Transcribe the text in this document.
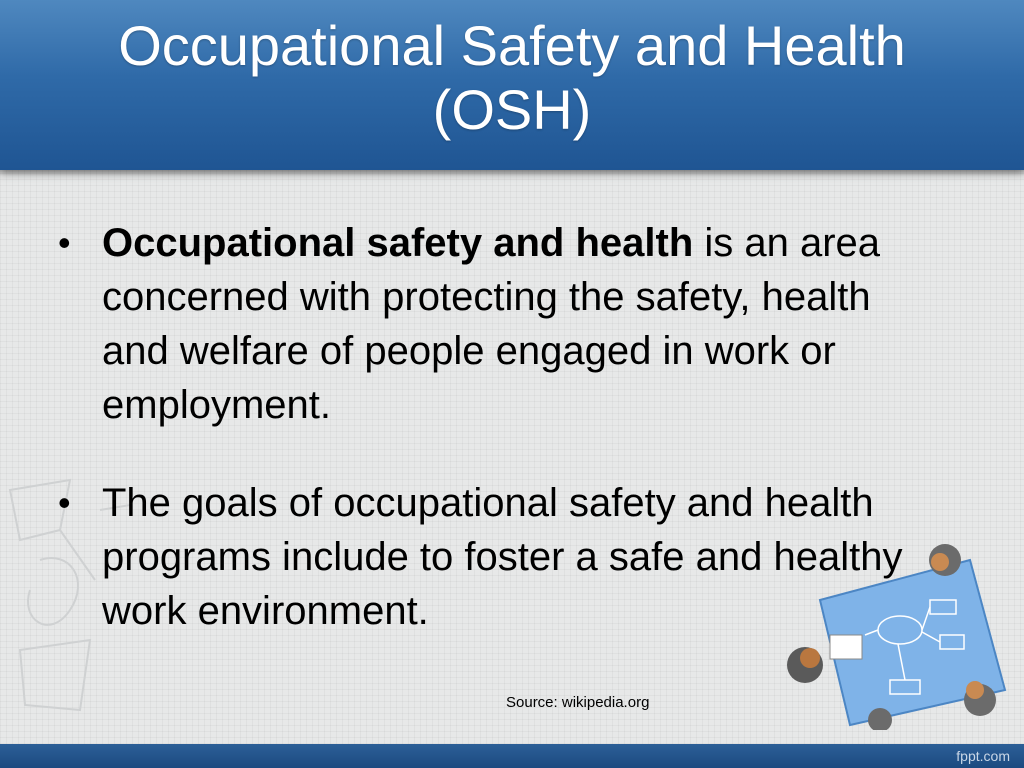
Occupational Safety and Health (OSH)
• Occupational safety and health is an area concerned with protecting the safety, health and welfare of people engaged in work or employment.
• The goals of occupational safety and health programs include to foster a safe and healthy work environment.
Source: wikipedia.org
fppt.com
